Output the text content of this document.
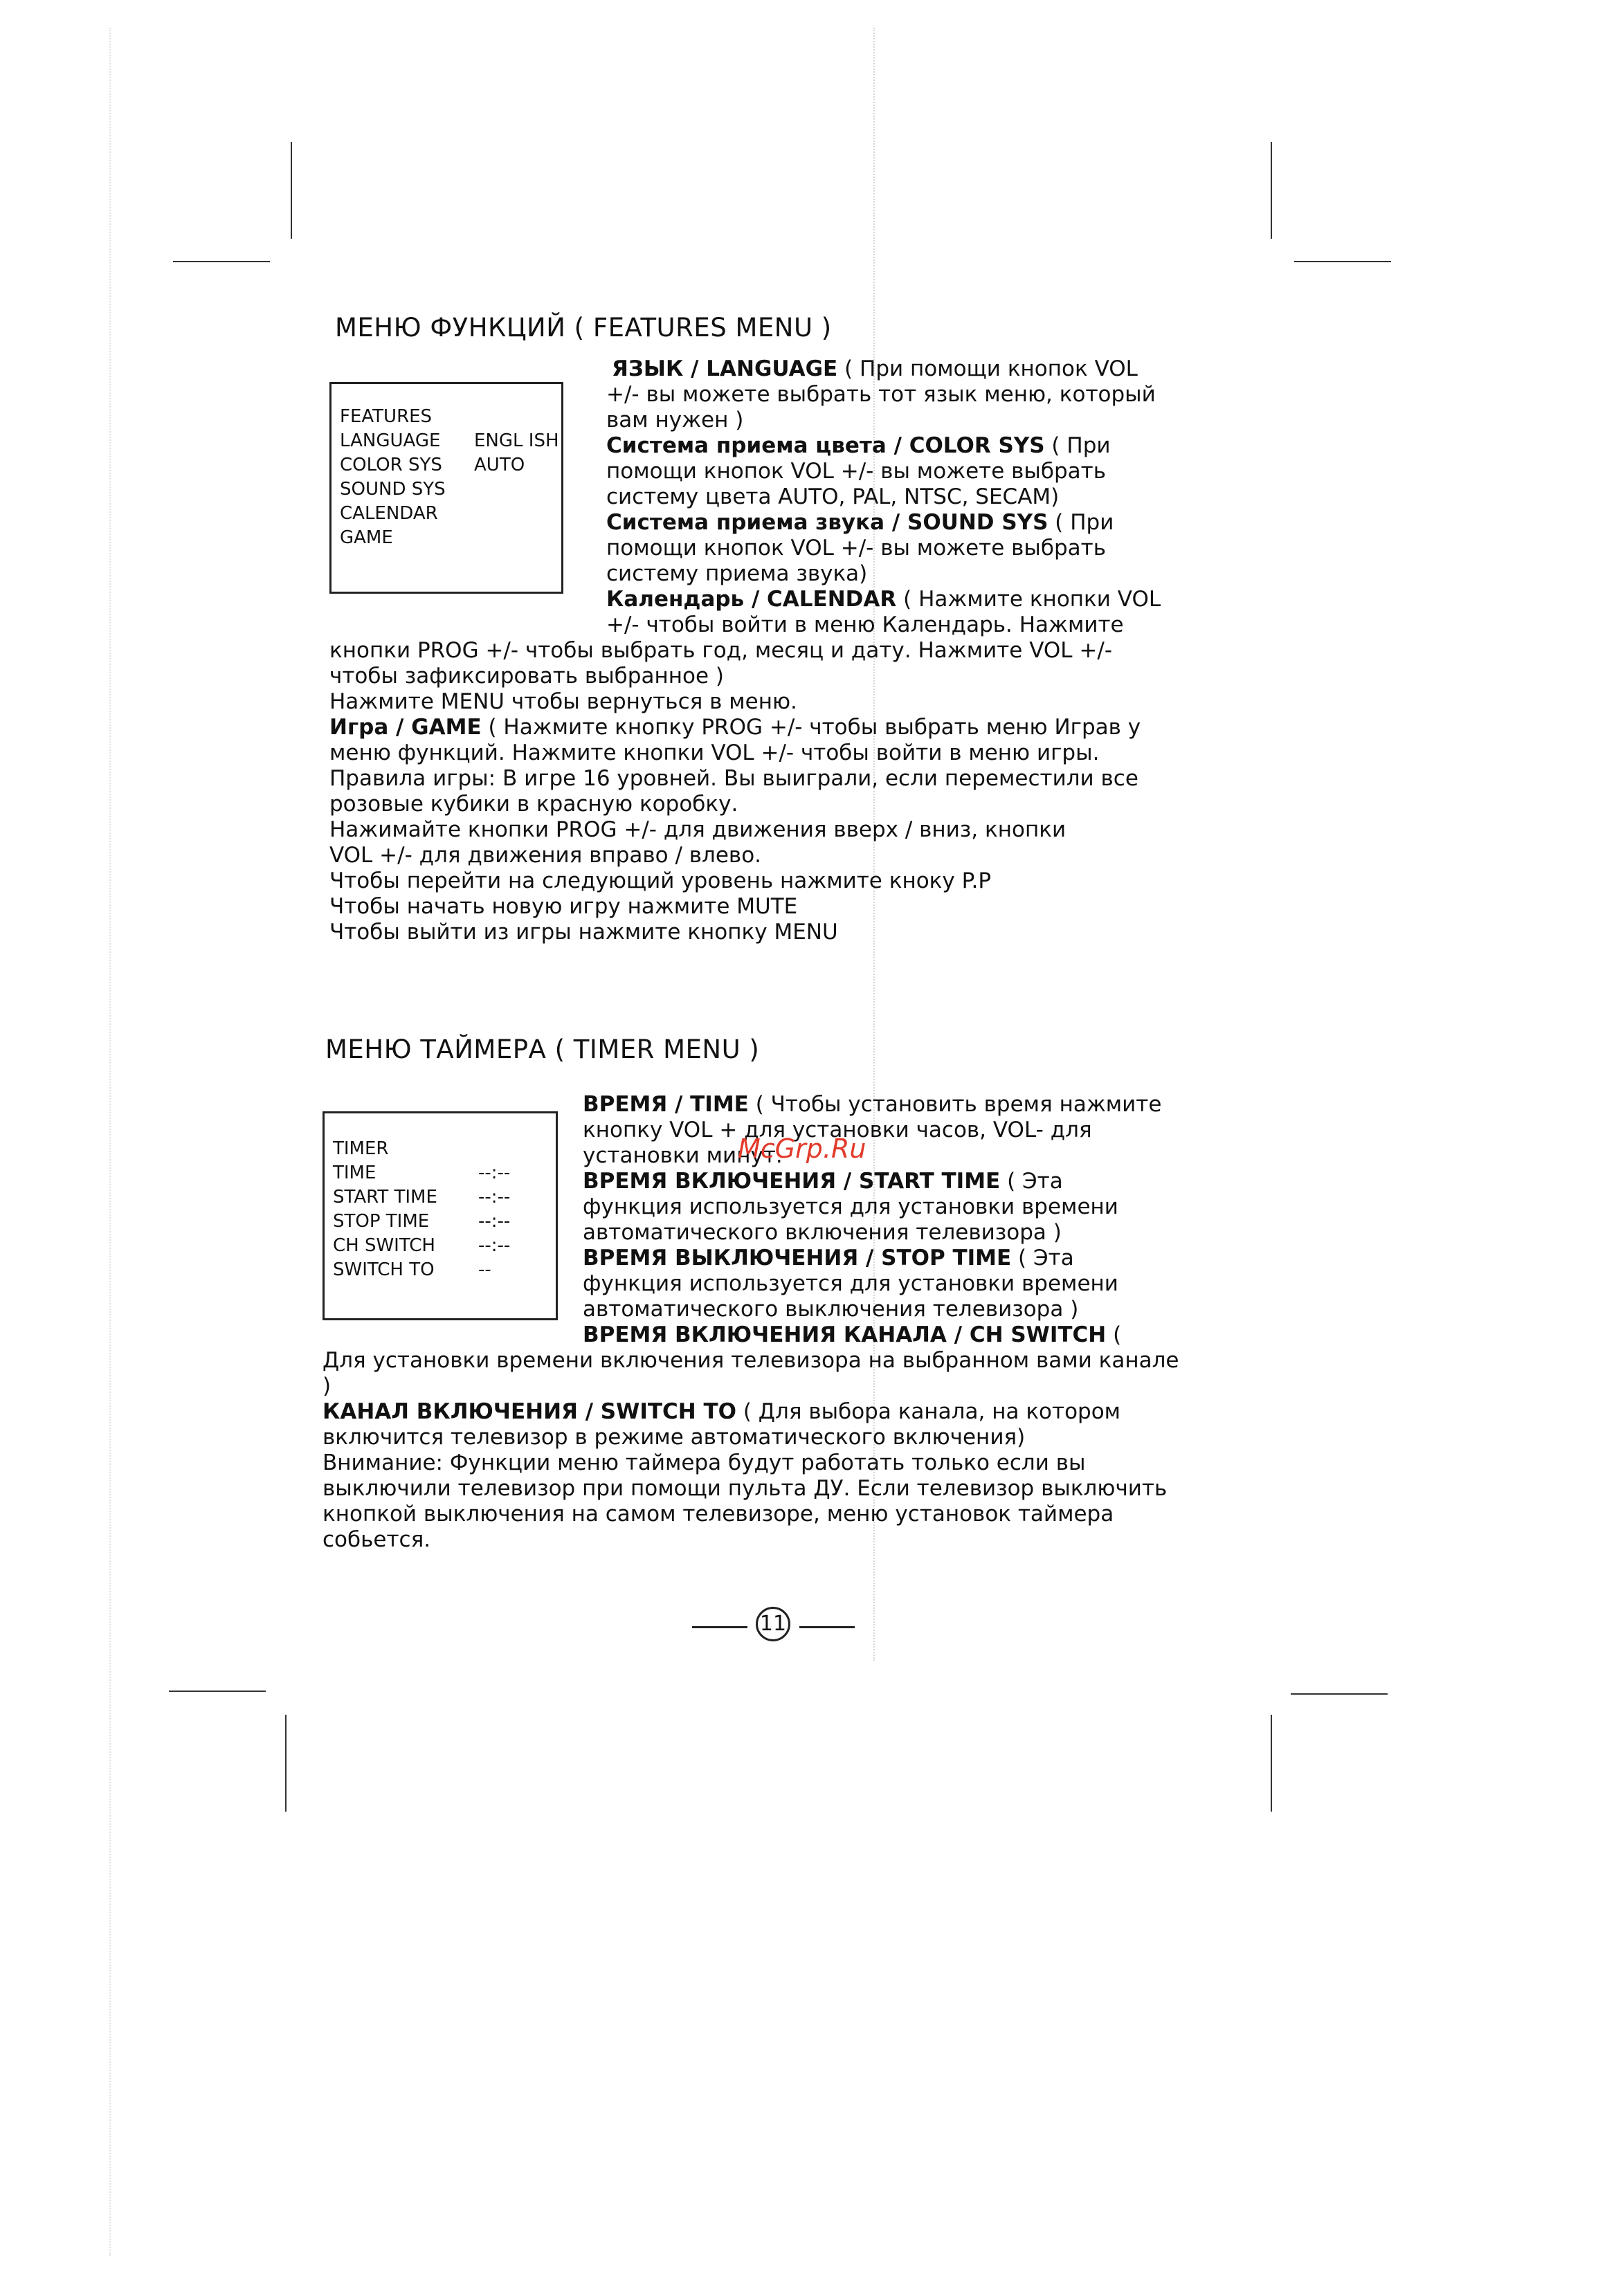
МЕНЮ ФУНКЦИЙ ( FEATURES MENU )
FEATURES
LANGUAGE ENGL ISH
COLOR SYS AUTO
SOUND SYS
CALENDAR
GAME
ЯЗЫК / LANGUAGE ( При помощи кнопок VOL
+/- вы можете выбрать тот язык меню, который
вам нужен )
Система приема цвета / COLOR SYS ( При
помощи кнопок VOL +/- вы можете выбрать
систему цвета AUTO, PAL, NTSC, SECAM)
Система приема звука / SOUND SYS ( При
помощи кнопок VOL +/- вы можете выбрать
систему приема звука)
Календарь / CALENDAR ( Нажмите кнопки VOL
+/- чтобы войти в меню Календарь. Нажмите
кнопки PROG +/- чтобы выбрать год, месяц и дату. Нажмите VOL +/-
чтобы зафиксировать выбранное )
Нажмите MENU чтобы вернуться в меню.
Игра / GAME ( Нажмите кнопку PROG +/- чтобы выбрать меню Играв у
меню функций. Нажмите кнопки VOL +/- чтобы войти в меню игры.
Правила игры: В игре 16 уровней. Вы выиграли, если переместили все
розовые кубики в красную коробку.
Нажимайте кнопки PROG +/- для движения вверх / вниз, кнопки
VOL +/- для движения вправо / влево.
Чтобы перейти на следующий уровень нажмите кноку P.P
Чтобы начать новую игру нажмите MUTE
Чтобы выйти из игры нажмите кнопку MENU
МЕНЮ ТАЙМЕРА ( TIMER MENU )
TIMER
TIME	--:--
START TIME --:--
STOP TIME	--:--
CH SWITCH --:--
SWITCH TO --
ВРЕМЯ / TIME ( Чтобы установить время нажмите
кнопку VOL + для установки часов, VOL- для
установки минут.
ВРЕМЯ ВКЛЮЧЕНИЯ / START TIME ( Эта
функция используется для установки времени
автоматического включения телевизора )
ВРЕМЯ ВЫКЛЮЧЕНИЯ / STOP TIME ( Эта
функция используется для установки времени
автоматического выключения телевизора )
ВРЕМЯ ВКЛЮЧЕНИЯ КАНАЛА / CH SWITCH (
Для установки времени включения телевизора на выбранном вами канале
)
КАНАЛ ВКЛЮЧЕНИЯ / SWITCH TO ( Для выбора канала, на котором
включится телевизор в режиме автоматического включения)
Внимание: Функции меню таймера будут работать только если вы
выключили телевизор при помощи пульта ДУ. Если телевизор выключить
кнопкой выключения на самом телевизоре, меню установок таймера
собьется.
McGrp.Ru
11
